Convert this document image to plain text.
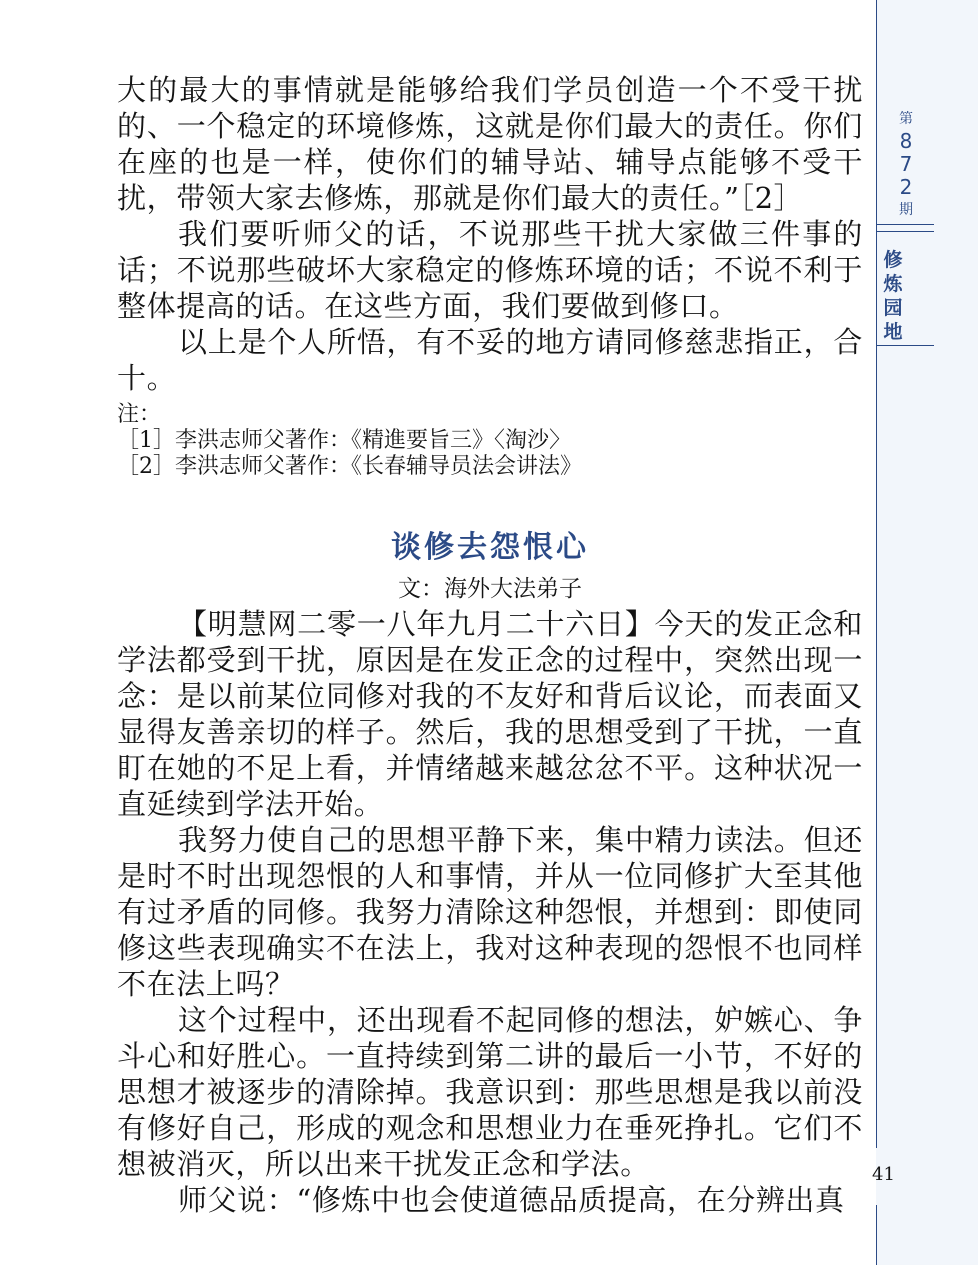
第
8
7
2
期
修
炼
园
地

大的最大的事情就是能够给我们学员创造一个不受干扰的、一个稳定的环境修炼，这就是你们最大的责任。你们在座的也是一样，使你们的辅导站、辅导点能够不受干扰，带领大家去修炼，那就是你们最大的责任。”［2］

我们要听师父的话，不说那些干扰大家做三件事的话；不说那些破坏大家稳定的修炼环境的话；不说不利于整体提高的话。在这些方面，我们要做到修口。

以上是个人所悟，有不妥的地方请同修慈悲指正，合十。

注：

［1］李洪志师父著作：《精進要旨三》〈淘沙〉

［2］李洪志师父著作：《长春辅导员法会讲法》

谈修去怨恨心
文：海外大法弟子

【明慧网二零一八年九月二十六日】今天的发正念和学法都受到干扰，原因是在发正念的过程中，突然出现一念：是以前某位同修对我的不友好和背后议论，而表面又显得友善亲切的样子。然后，我的思想受到了干扰，一直盯在她的不足上看，并情绪越来越忿忿不平。这种状况一直延续到学法开始。

我努力使自己的思想平静下来，集中精力读法。但还是时不时出现怨恨的人和事情，并从一位同修扩大至其他有过矛盾的同修。我努力清除这种怨恨，并想到：即使同修这些表现确实不在法上，我对这种表现的怨恨不也同样不在法上吗？

这个过程中，还出现看不起同修的想法，妒嫉心、争斗心和好胜心。一直持续到第二讲的最后一小节，不好的思想才被逐步的清除掉。我意识到：那些思想是我以前没有修好自己，形成的观念和思想业力在垂死挣扎。它们不想被消灭，所以出来干扰发正念和学法。

师父说：“修炼中也会使道德品质提高，在分辨出真

41
